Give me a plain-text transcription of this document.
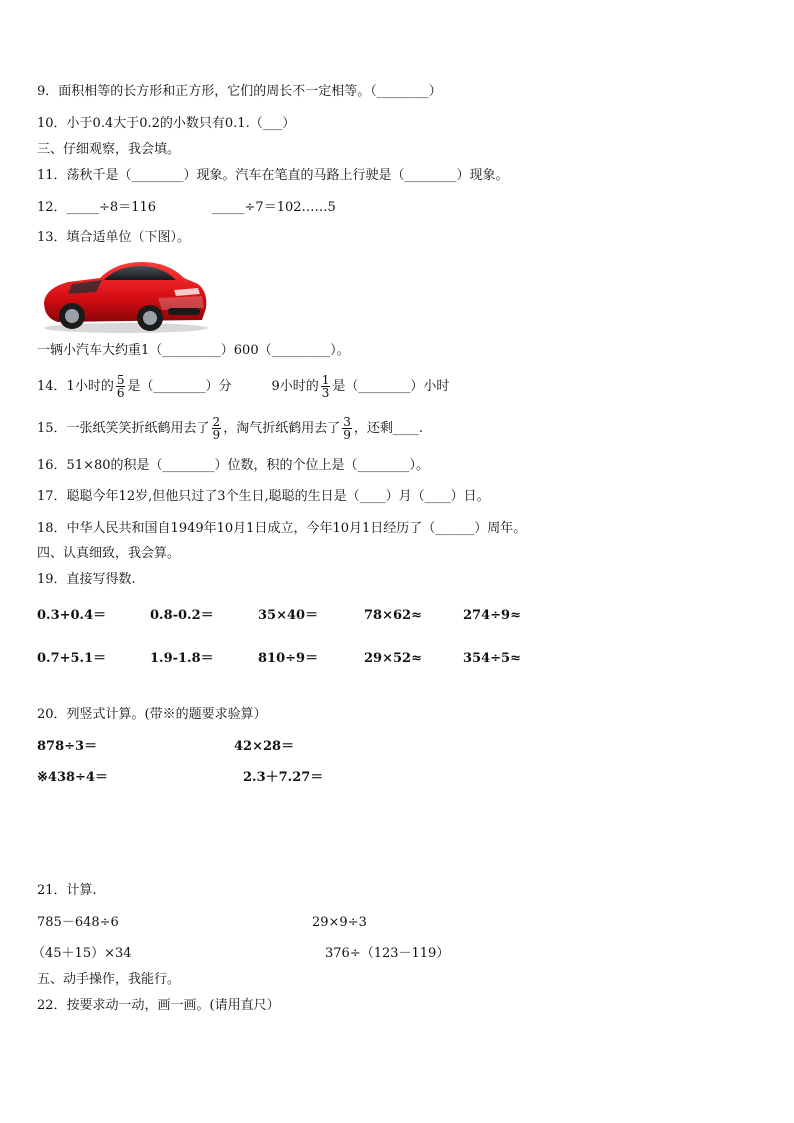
9．面积相等的长方形和正方形，它们的周长不一定相等。（________）
10．小于0.4大于0.2的小数只有0.1.（___）
三、仔细观察，我会填。
11．荡秋千是（________）现象。汽车在笔直的马路上行驶是（________）现象。
12．_____÷8＝116	_____÷7＝102……5
13．填合适单位（下图）。
一辆小汽车大约重1（_________）600（_________）。
14．1小时的 $\frac{5}{6}$ 是（________）分	9小时的 $\frac{1}{3}$ 是（________）小时
15．一张纸笑笑折纸鹤用去了 $\frac{2}{9}$ ，淘气折纸鹤用去了 $\frac{3}{9}$ ，还剩____.
16．51×80的积是（________）位数，积的个位上是（________）。
17．聪聪今年12岁,但他只过了3个生日,聪聪的生日是（____）月（____）日。
18．中华人民共和国自1949年10月1日成立，今年10月1日经历了（______）周年。
四、认真细致，我会算。
19．直接写得数.
0.3+0.4＝	0.8-0.2＝	35×40＝	78×62≈	274÷9≈
0.7+5.1＝	1.9-1.8＝	810÷9＝	29×52≈	354÷5≈
20．列竖式计算。(带※的题要求验算）
878÷3＝	42×28＝
※438÷4＝	2.3＋7.27＝
21．计算.
785－648÷6	29×9÷3
（45＋15）×34	376÷（123－119）
五、动手操作，我能行。
22．按要求动一动，画一画。(请用直尺）
